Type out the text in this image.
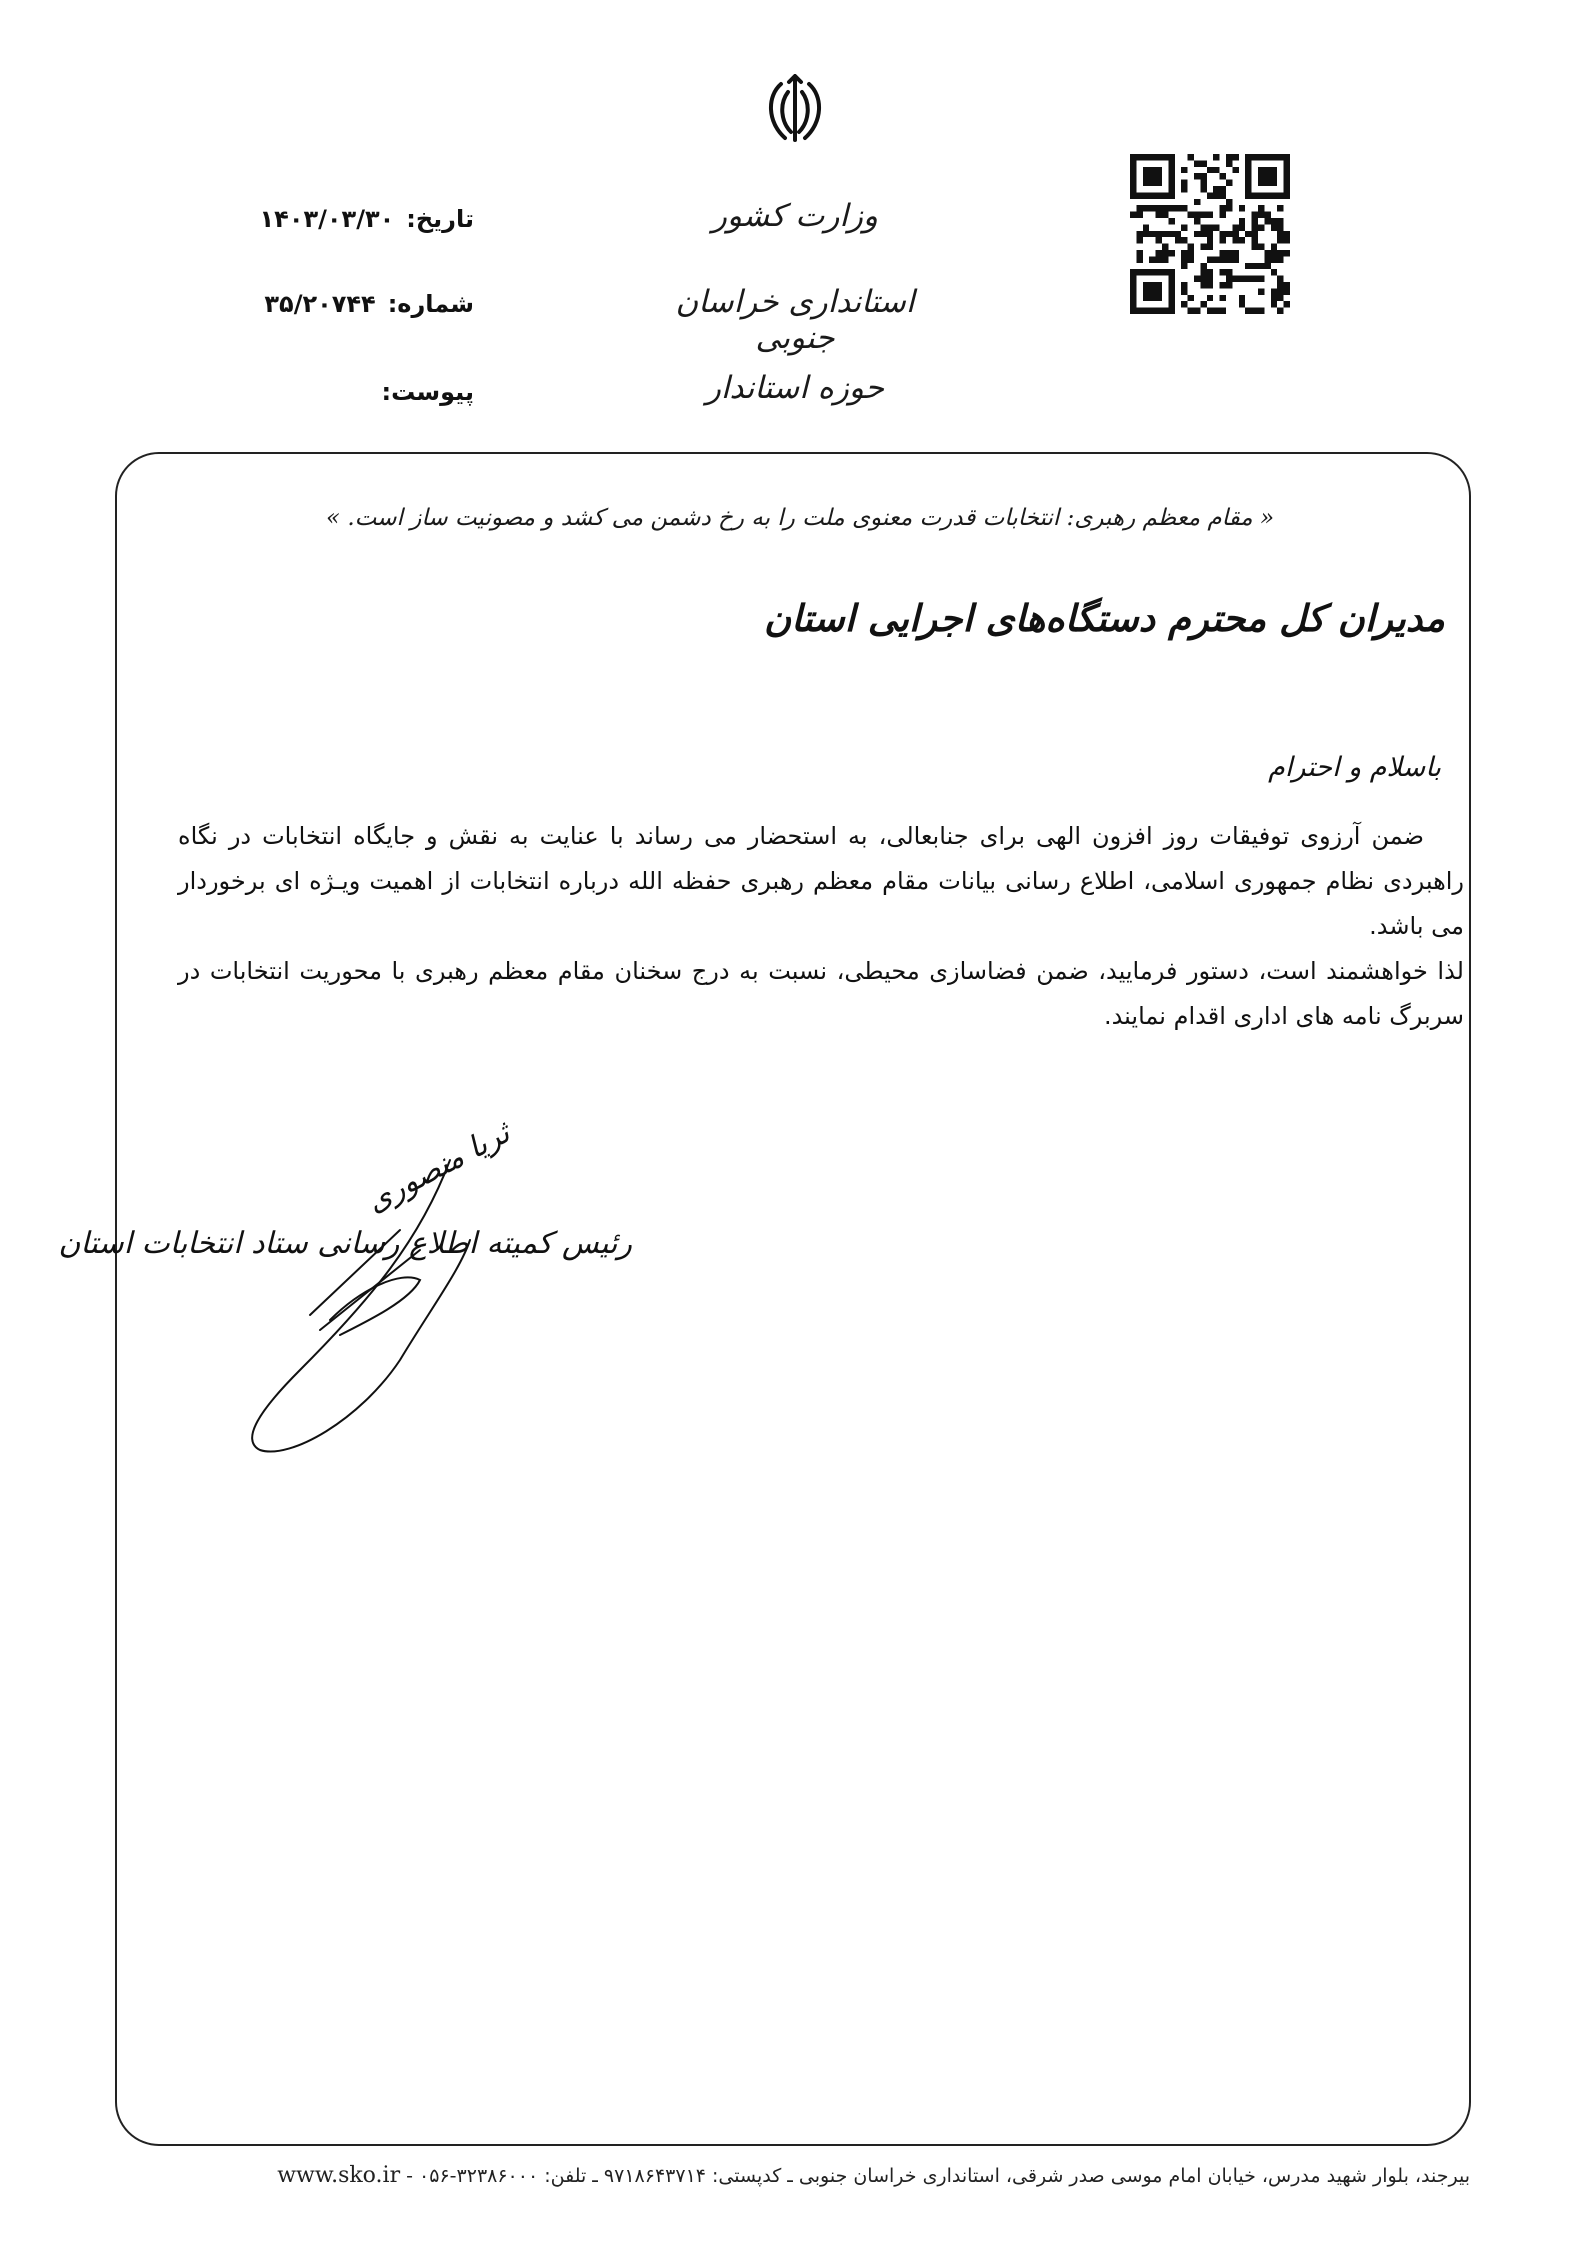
وزارت کشور
استانداری خراسان جنوبی
حوزه استاندار
تاریخ:۱۴۰۳/۰۳/۳۰
شماره:۳۵/۲۰۷۴۴
پیوست:
« مقام معظم رهبری: انتخابات قدرت معنوی ملت را به رخ دشمن می کشد و مصونیت ساز است. »
مدیران کل محترم دستگاه‌های اجرایی استان
باسلام و احترام

ضمن آرزوی توفیقات روز افزون الهی برای جنابعالی، به استحضار می رساند با عنایت به نقش و جایگاه انتخابات در نگاه راهبردی نظام جمهوری اسلامی، اطلاع رسانی بیانات مقام معظم رهبری حفظه الله درباره انتخابات از اهمیت ویـژه ای برخوردار می باشد.

لذا خواهشمند است، دستور فرمایید، ضمن فضاسازی محیطی، نسبت به درج سخنان مقام معظم رهبری با محوریت انتخابات در سربرگ نامه های اداری اقدام نمایند.

ثریا منصوری
رئیس کمیته اطلاع رسانی ستاد انتخابات استان
بیرجند، بلوار شهید مدرس، خیابان امام موسی صدر شرقی، استانداری خراسان جنوبی ـ کدپستی: ۹۷۱۸۶۴۳۷۱۴ ـ تلفن: ۳۲۳۸۶۰۰۰-۰۵۶ - www.sko.ir
